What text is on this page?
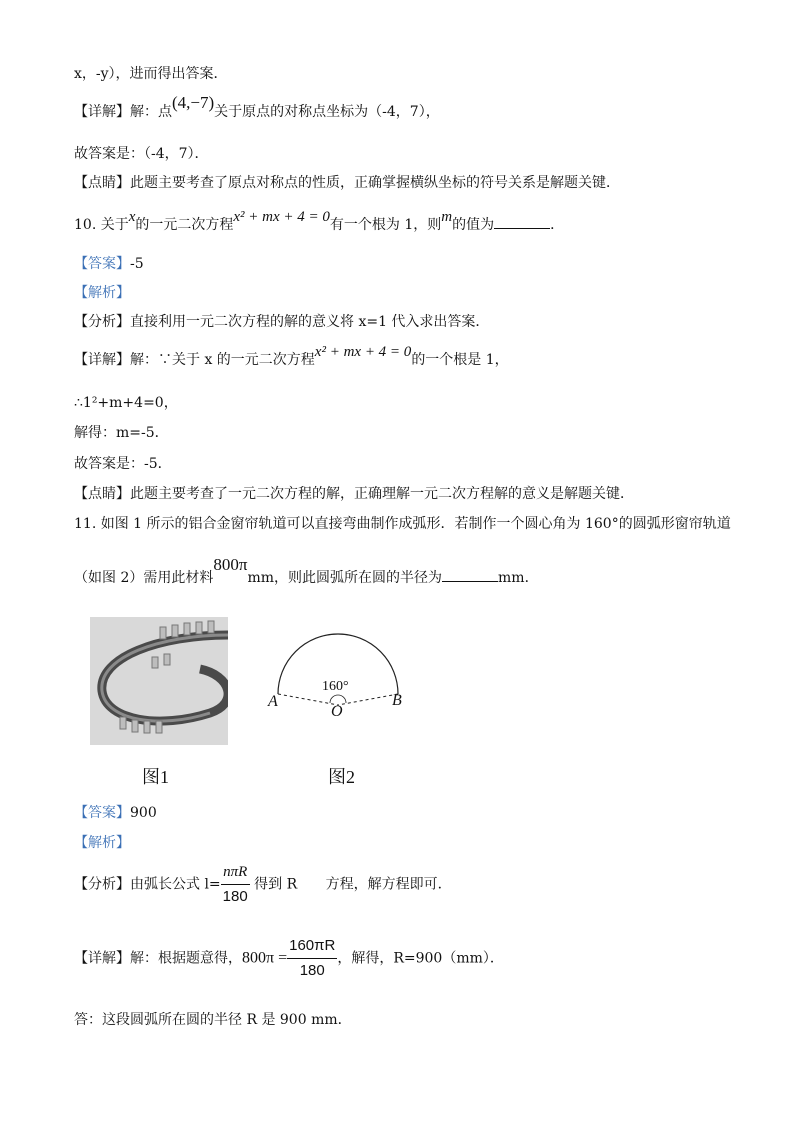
x，-y），进而得出答案．
【详解】解：点(4,−7)关于原点的对称点坐标为（-4，7），
故答案是：（-4，7）．
【点睛】此题主要考查了原点对称点的性质，正确掌握横纵坐标的符号关系是解题关键．
10. 关于x的一元二次方程x² + mx + 4 = 0有一个根为 1，则m的值为	．
【答案】-5
【解析】
【分析】直接利用一元二次方程的解的意义将 x=1 代入求出答案．
【详解】解：∵关于 x 的一元二次方程x² + mx + 4 = 0的一个根是 1，
∴1²+m+4=0，
解得：m=-5．
故答案是：-5．
【点睛】此题主要考查了一元二次方程的解，正确理解一元二次方程解的意义是解题关键．
11. 如图 1 所示的铝合金窗帘轨道可以直接弯曲制作成弧形．若制作一个圆心角为 160°的圆弧形窗帘轨道
（如图 2）需用此材料800πmm，则此圆弧所在圆的半径为	mm．
160°
A
O
B
图1	图2
【答案】900
【解析】
【分析】由弧长公式 $l= \frac{\text{nπR}}{180}$ 得到 R 方程，解方程即可．
【详解】解：根据题意得，$800\pi = \frac{160\pi R}{180}$ ，解得，R=900（mm）．
答：这段圆弧所在圆的半径 R 是 900 mm．
